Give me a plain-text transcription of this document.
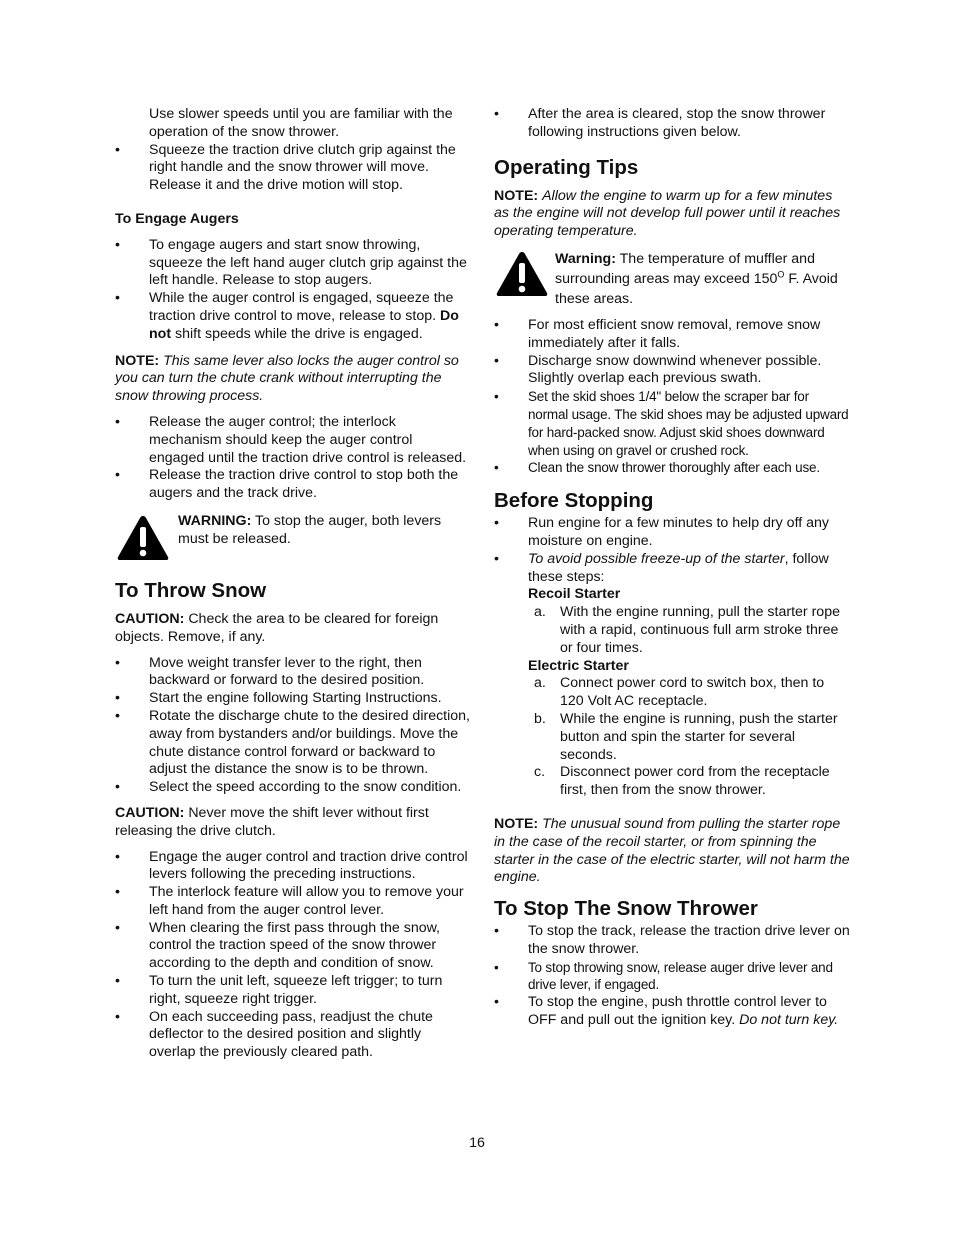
Use slower speeds until you are familiar with the operation of the snow thrower.

• Squeeze the traction drive clutch grip against the right handle and the snow thrower will move. Release it and the drive motion will stop.

To Engage Augers

• To engage augers and start snow throwing, squeeze the left hand auger clutch grip against the left handle. Release to stop augers.
• While the auger control is engaged, squeeze the traction drive control to move, release to stop. Do not shift speeds while the drive is engaged.

NOTE: This same lever also locks the auger control so you can turn the chute crank without interrupting the snow throwing process.

• Release the auger control; the interlock mechanism should keep the auger control engaged until the traction drive control is released.
• Release the traction drive control to stop both the augers and the track drive.
WARNING: To stop the auger, both levers must be released.
To Throw Snow

CAUTION: Check the area to be cleared for foreign objects. Remove, if any.

• Move weight transfer lever to the right, then backward or forward to the desired position.
• Start the engine following Starting Instructions.
• Rotate the discharge chute to the desired direction, away from bystanders and/or buildings. Move the chute distance control forward or backward to adjust the distance the snow is to be thrown.
• Select the speed according to the snow condition.

CAUTION: Never move the shift lever without first releasing the drive clutch.

• Engage the auger control and traction drive control levers following the preceding instructions.
• The interlock feature will allow you to remove your left hand from the auger control lever.
• When clearing the first pass through the snow, control the traction speed of the snow thrower according to the depth and condition of snow.
• To turn the unit left, squeeze left trigger; to turn right, squeeze right trigger.
• On each succeeding pass, readjust the chute deflector to the desired position and slightly overlap the previously cleared path.
• After the area is cleared, stop the snow thrower following instructions given below.
Operating Tips

NOTE: Allow the engine to warm up for a few minutes as the engine will not develop full power until it reaches operating temperature.

Warning: The temperature of muffler and surrounding areas may exceed $150^O$ F. Avoid these areas.
• For most efficient snow removal, remove snow immediately after it falls.
• Discharge snow downwind whenever possible. Slightly overlap each previous swath.
• Set the skid shoes 1/4" below the scraper bar for normal usage. The skid shoes may be adjusted upward for hard-packed snow. Adjust skid shoes downward when using on gravel or crushed rock.
• Clean the snow thrower thoroughly after each use.
Before Stopping
• Run engine for a few minutes to help dry off any moisture on engine.
• To avoid possible freeze-up of the starter, follow these steps:

Recoil Starter

a. With the engine running, pull the starter rope with a rapid, continuous full arm stroke three or four times.

Electric Starter

a. Connect power cord to switch box, then to 120 Volt AC receptacle.
b. While the engine is running, push the starter button and spin the starter for several seconds.
c. Disconnect power cord from the receptacle first, then from the snow thrower.

NOTE: The unusual sound from pulling the starter rope in the case of the recoil starter, or from spinning the starter in the case of the electric starter, will not harm the engine.

To Stop The Snow Thrower
• To stop the track, release the traction drive lever on the snow thrower.
• To stop throwing snow, release auger drive lever and drive lever, if engaged.
• To stop the engine, push throttle control lever to OFF and pull out the ignition key. Do not turn key.
16
